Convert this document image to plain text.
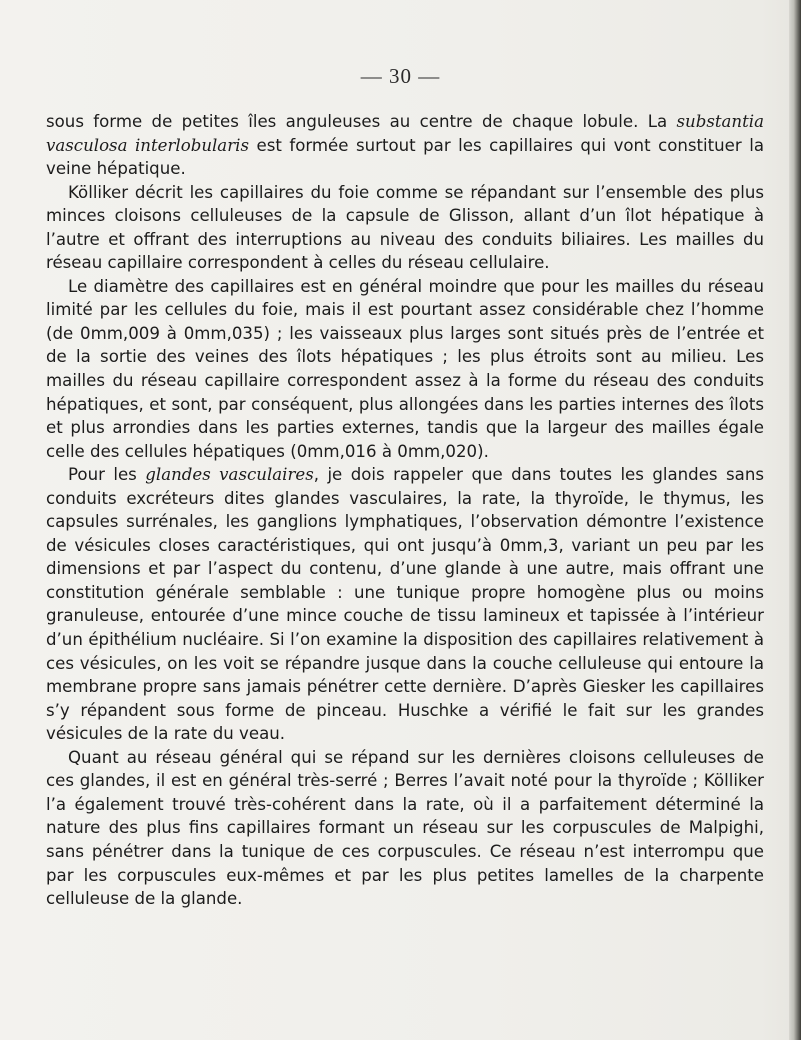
— 30 —

sous forme de petites îles anguleuses au centre de chaque lobule. La substantia vasculosa interlobularis est formée surtout par les capillaires qui vont constituer la veine hépatique.

Kölliker décrit les capillaires du foie comme se répandant sur l’ensemble des plus minces cloisons celluleuses de la capsule de Glisson, allant d’un îlot hépatique à l’autre et offrant des interruptions au niveau des conduits biliaires. Les mailles du réseau capillaire correspondent à celles du réseau cellulaire.

Le diamètre des capillaires est en général moindre que pour les mailles du réseau limité par les cellules du foie, mais il est pourtant assez considérable chez l’homme (de 0mm,009 à 0mm,035) ; les vaisseaux plus larges sont situés près de l’entrée et de la sortie des veines des îlots hépatiques ; les plus étroits sont au milieu. Les mailles du réseau capillaire correspondent assez à la forme du réseau des conduits hépatiques, et sont, par conséquent, plus allongées dans les parties internes des îlots et plus arrondies dans les parties externes, tandis que la largeur des mailles égale celle des cellules hépatiques (0mm,016 à 0mm,020).

Pour les glandes vasculaires, je dois rappeler que dans toutes les glandes sans conduits excréteurs dites glandes vasculaires, la rate, la thyroïde, le thymus, les capsules surrénales, les ganglions lymphatiques, l’observation démontre l’existence de vésicules closes caractéristiques, qui ont jusqu’à 0mm,3, variant un peu par les dimensions et par l’aspect du contenu, d’une glande à une autre, mais offrant une constitution générale semblable : une tunique propre homogène plus ou moins granuleuse, entourée d’une mince couche de tissu lamineux et tapissée à l’intérieur d’un épithélium nucléaire. Si l’on examine la disposition des capillaires relativement à ces vésicules, on les voit se répandre jusque dans la couche celluleuse qui entoure la membrane propre sans jamais pénétrer cette dernière. D’après Giesker les capillaires s’y répandent sous forme de pinceau. Huschke a vérifié le fait sur les grandes vésicules de la rate du veau.

Quant au réseau général qui se répand sur les dernières cloisons celluleuses de ces glandes, il est en général très-serré ; Berres l’avait noté pour la thyroïde ; Kölliker l’a également trouvé très-cohérent dans la rate, où il a parfaitement déterminé la nature des plus fins capillaires formant un réseau sur les corpuscules de Malpighi, sans pénétrer dans la tunique de ces corpuscules. Ce réseau n’est interrompu que par les corpuscules eux-mêmes et par les plus petites lamelles de la charpente celluleuse de la glande.
